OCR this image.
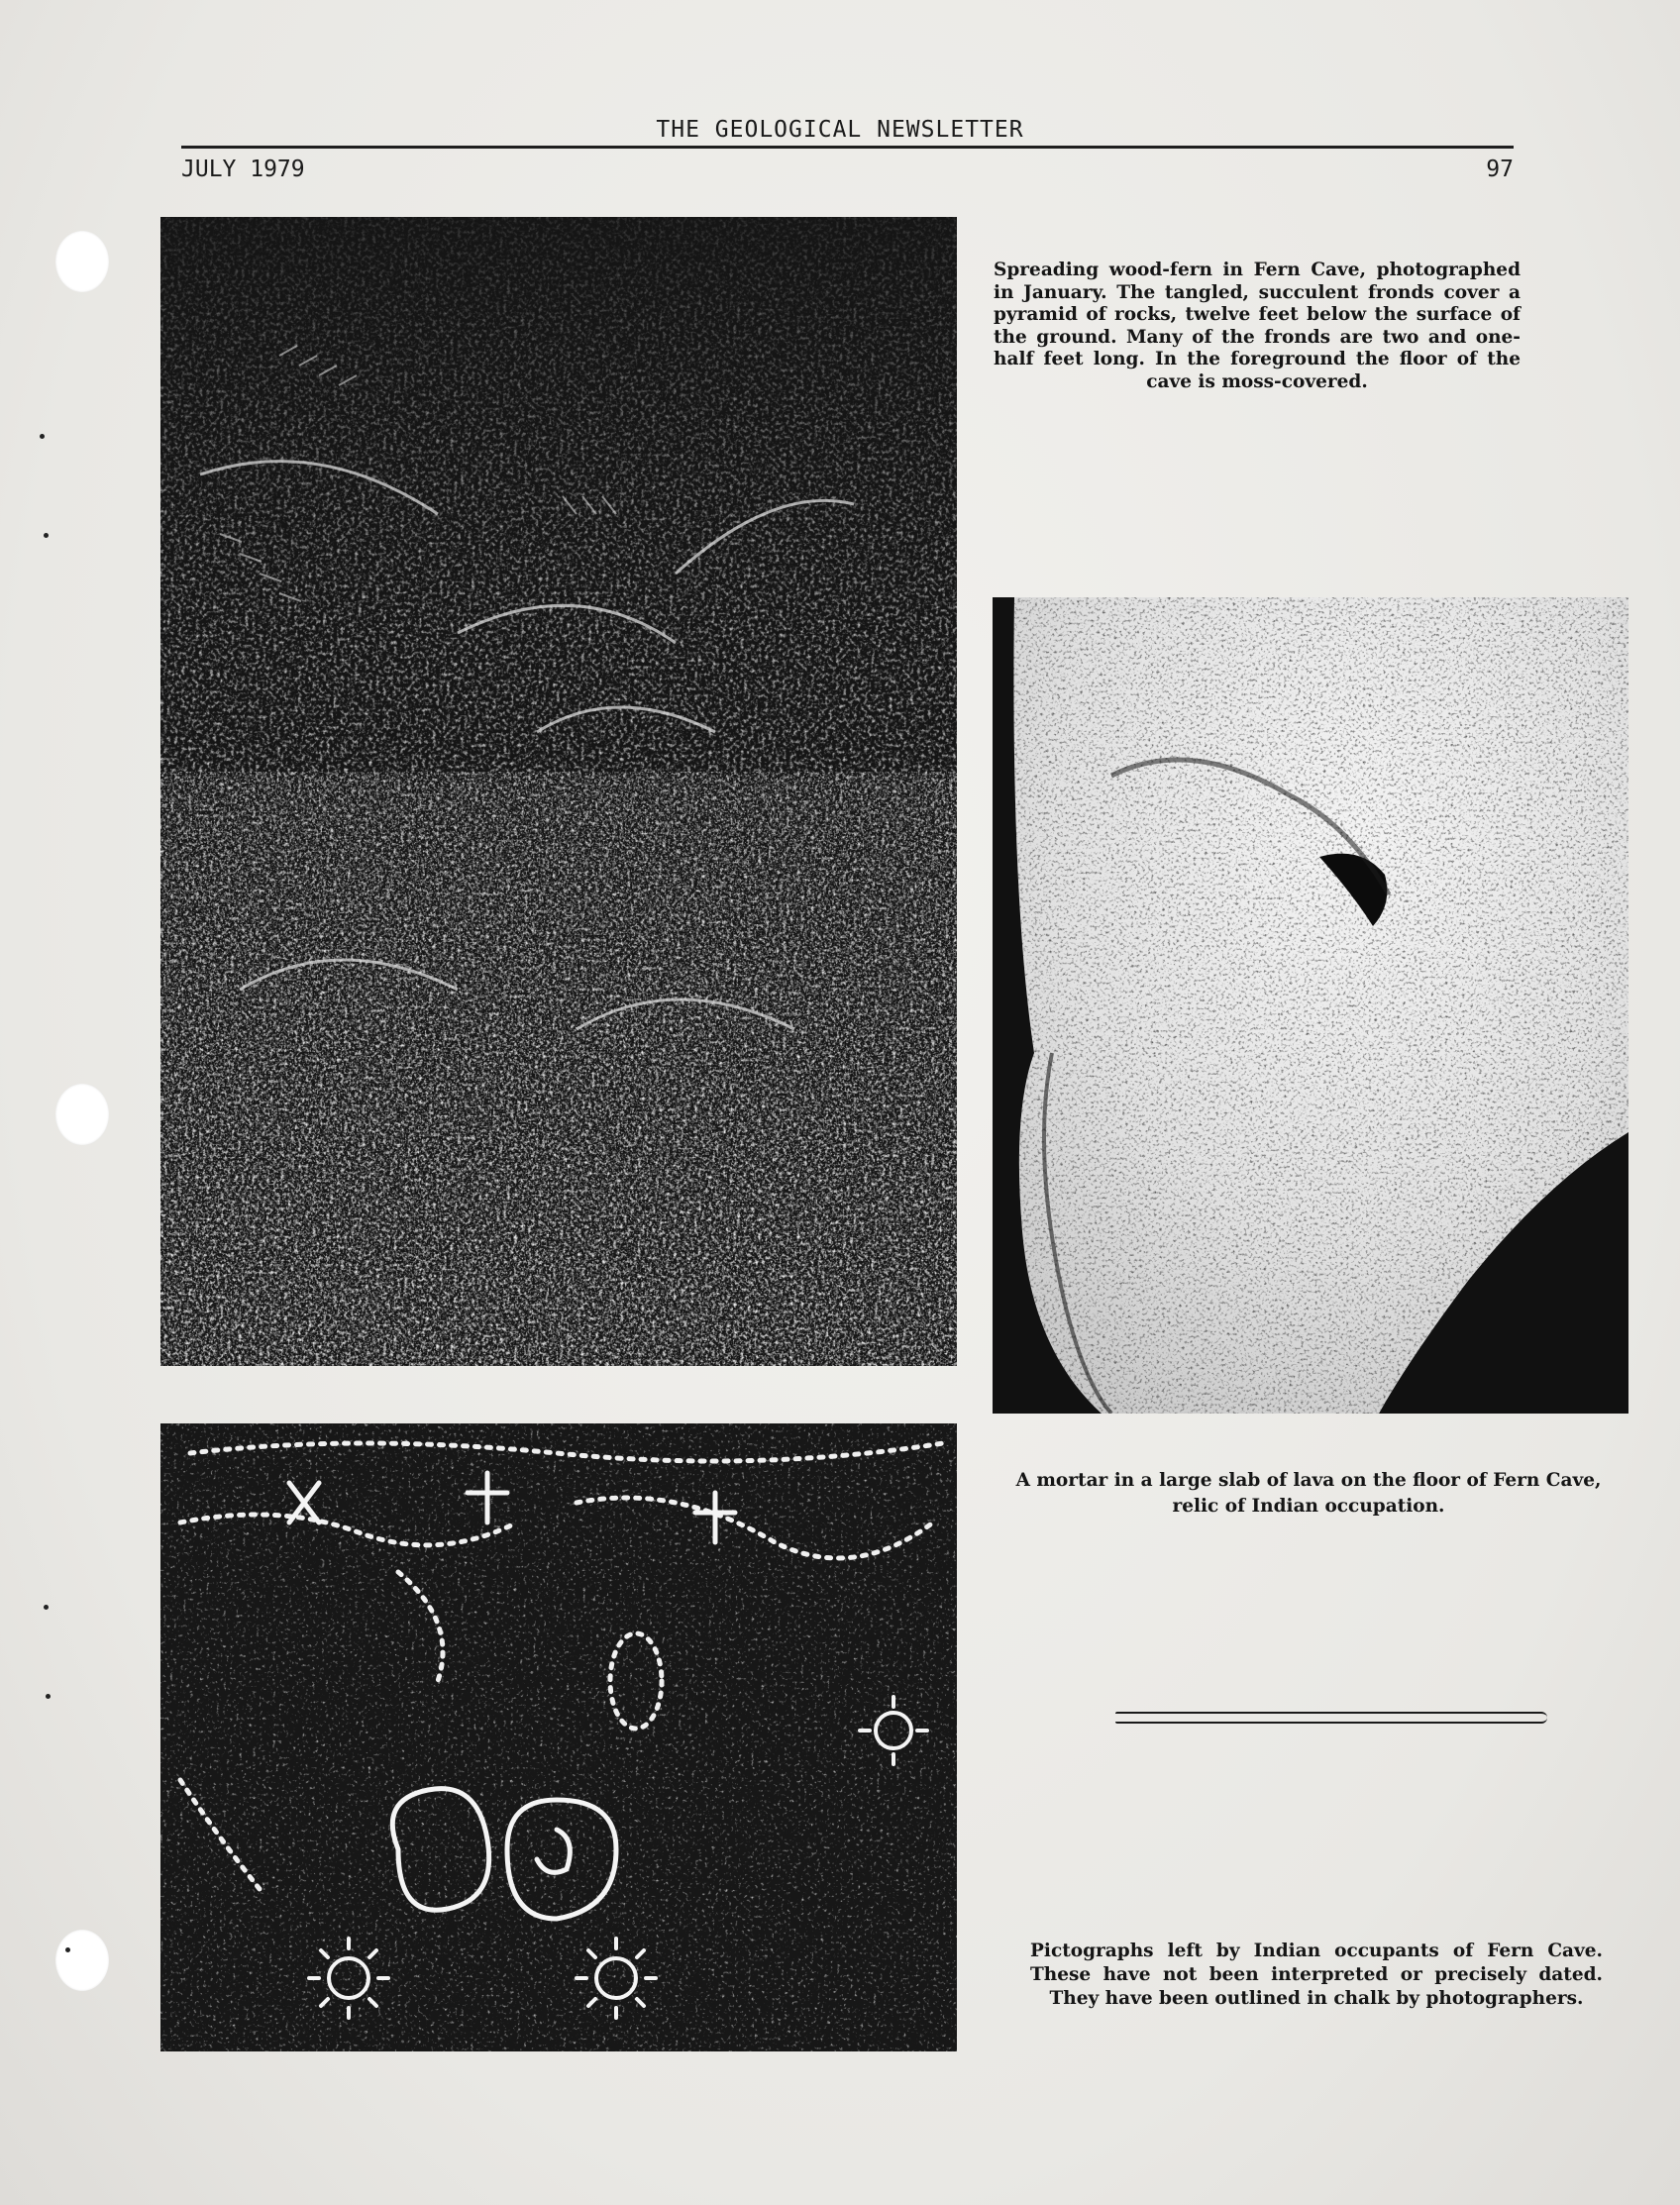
THE GEOLOGICAL NEWSLETTER
JULY 1979	97
Spreading wood-fern in Fern Cave, photographed in January. The tangled, succulent fronds cover a pyramid of rocks, twelve feet below the surface of the ground. Many of the fronds are two and one-half feet long. In the foreground the floor of the cave is moss-covered.
A mortar in a large slab of lava on the floor of Fern Cave, relic of Indian occupation.
Pictographs left by Indian occupants of Fern Cave. These have not been interpreted or precisely dated. They have been outlined in chalk by photographers.
